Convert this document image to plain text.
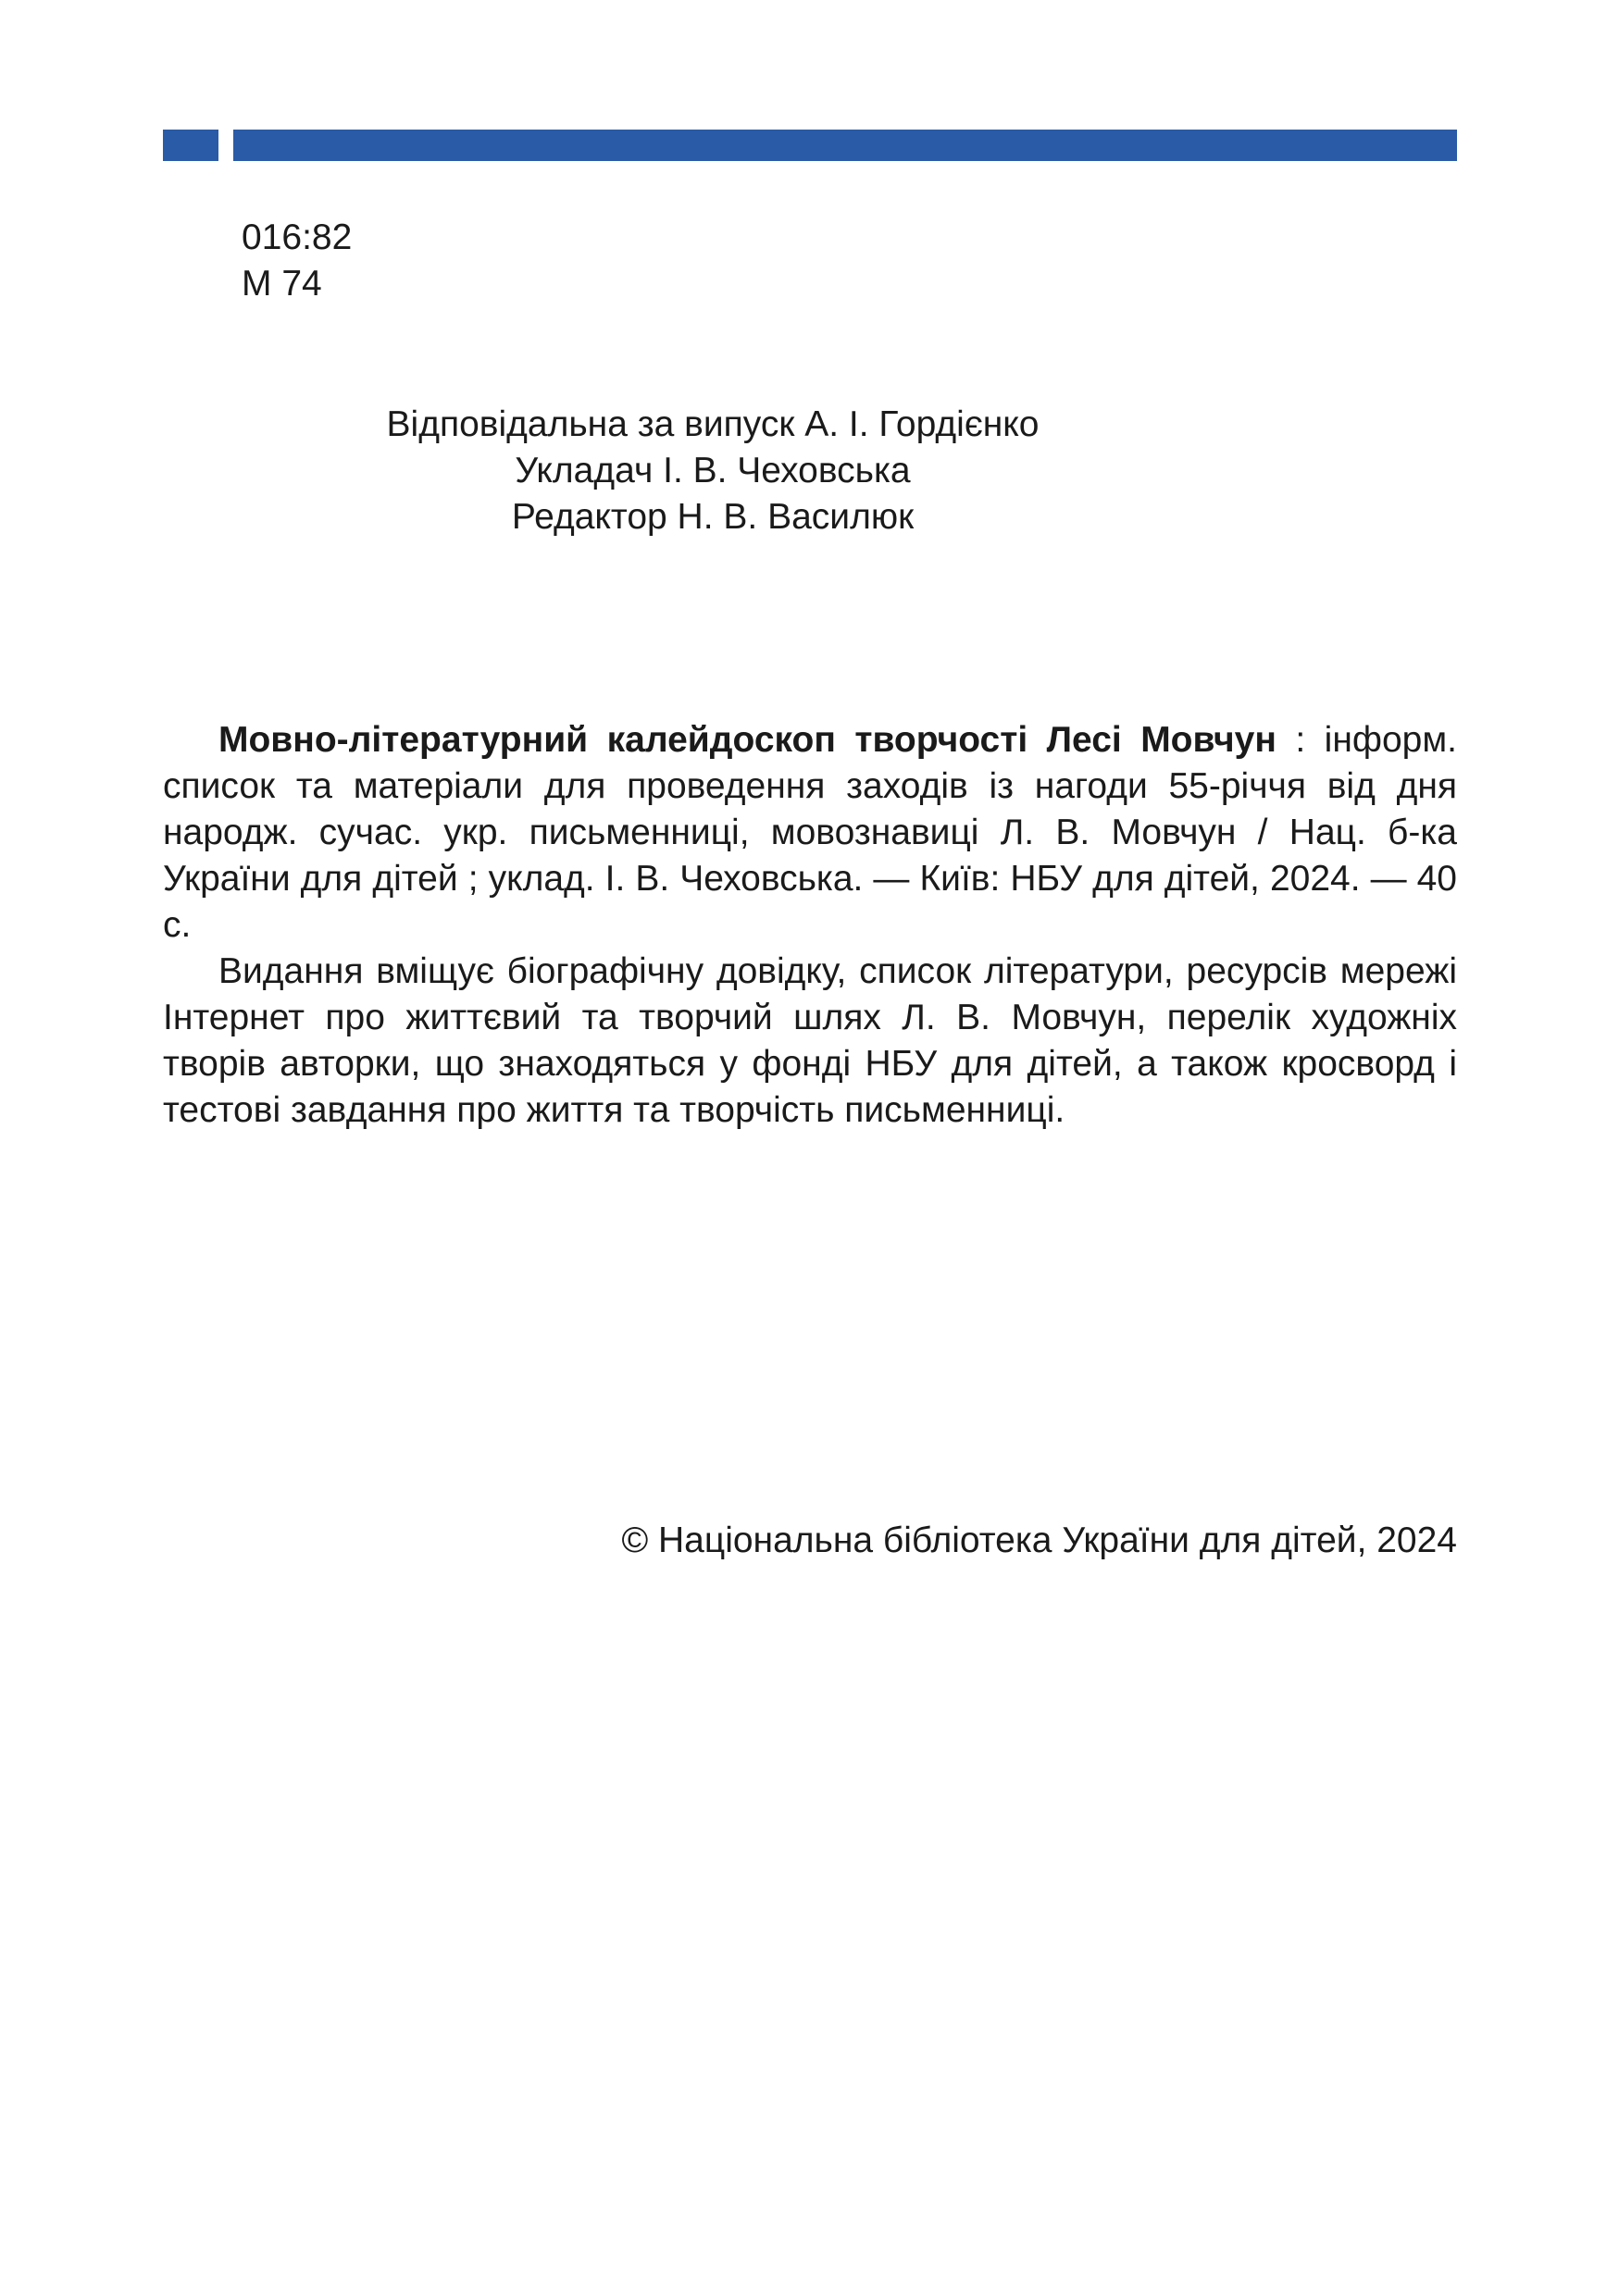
016:82
М 74
Відповідальна за випуск А. І. Гордієнко
Укладач І. В. Чеховська
Редактор Н. В. Василюк

Мовно-літературний калейдоскоп творчості Лесі Мовчун : інформ. список та матеріали для проведення заходів із нагоди 55-річчя від дня народж. сучас. укр. письменниці, мовознавиці Л. В. Мовчун / Нац. б-ка України для дітей ; уклад. І. В. Чеховська. — Київ: НБУ для дітей, 2024. — 40 с.

Видання вміщує біографічну довідку, список літератури, ресурсів мережі Інтернет про життєвий та творчий шлях Л. В. Мовчун, перелік художніх творів авторки, що знаходяться у фонді НБУ для дітей, а також кросворд і тестові завдання про життя та творчість письменниці.

© Національна бібліотека України для дітей, 2024
